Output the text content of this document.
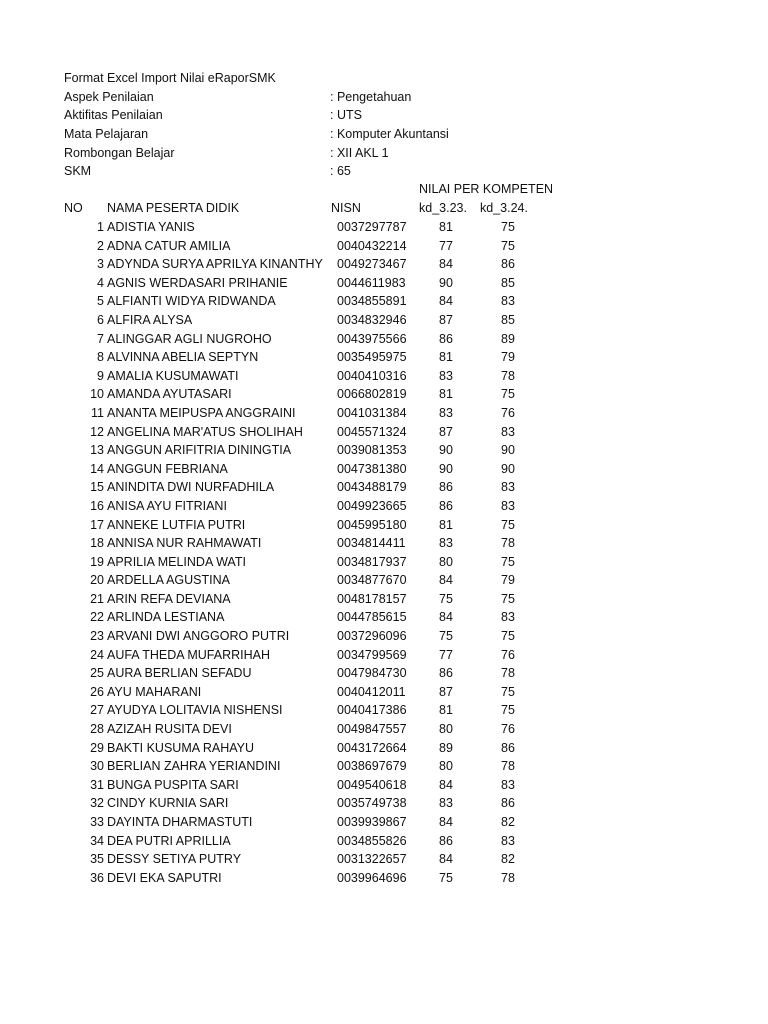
Format Excel Import Nilai eRaporSMK
Aspek Penilaian	: Pengetahuan
Aktifitas Penilaian	: UTS
Mata Pelajaran	: Komputer Akuntansi
Rombongan Belajar	: XII AKL 1
SKM	: 65
NILAI PER KOMPETEN
NO NAMA PESERTA DIDIK	NISN	kd_3.23. kd_3.24.
1 ADISTIA YANIS	0037297787	81	75
2 ADNA CATUR AMILIA	0040432214	77	75
3 ADYNDA SURYA APRILYA KINANTHY 0049273467	84	86
4 AGNIS WERDASARI PRIHANIE	0044611983	90	85
5 ALFIANTI WIDYA RIDWANDA	0034855891	84	83
6 ALFIRA ALYSA	0034832946	87	85
7 ALINGGAR AGLI NUGROHO	0043975566	86	89
8 ALVINNA ABELIA SEPTYN	0035495975	81	79
9 AMALIA KUSUMAWATI	0040410316	83	78
10 AMANDA AYUTASARI	0066802819	81	75
11 ANANTA MEIPUSPA ANGGRAINI	0041031384	83	76
12 ANGELINA MAR'ATUS SHOLIHAH	0045571324	87	83
13 ANGGUN ARIFITRIA DININGTIA	0039081353	90	90
14 ANGGUN FEBRIANA	0047381380	90	90
15 ANINDITA DWI NURFADHILA	0043488179	86	83
16 ANISA AYU FITRIANI	0049923665	86	83
17 ANNEKE LUTFIA PUTRI	0045995180	81	75
18 ANNISA NUR RAHMAWATI	0034814411	83	78
19 APRILIA MELINDA WATI	0034817937	80	75
20 ARDELLA AGUSTINA	0034877670	84	79
21 ARIN REFA DEVIANA	0048178157	75	75
22 ARLINDA LESTIANA	0044785615	84	83
23 ARVANI DWI ANGGORO PUTRI	0037296096	75	75
24 AUFA THEDA MUFARRIHAH	0034799569	77	76
25 AURA BERLIAN SEFADU	0047984730	86	78
26 AYU MAHARANI	0040412011	87	75
27 AYUDYA LOLITAVIA NISHENSI	0040417386	81	75
28 AZIZAH RUSITA DEVI	0049847557	80	76
29 BAKTI KUSUMA RAHAYU	0043172664	89	86
30 BERLIAN ZAHRA YERIANDINI	0038697679	80	78
31 BUNGA PUSPITA SARI	0049540618	84	83
32 CINDY KURNIA SARI	0035749738	83	86
33 DAYINTA DHARMASTUTI	0039939867	84	82
34 DEA PUTRI APRILLIA	0034855826	86	83
35 DESSY SETIYA PUTRY	0031322657	84	82
36 DEVI EKA SAPUTRI	0039964696	75	78
